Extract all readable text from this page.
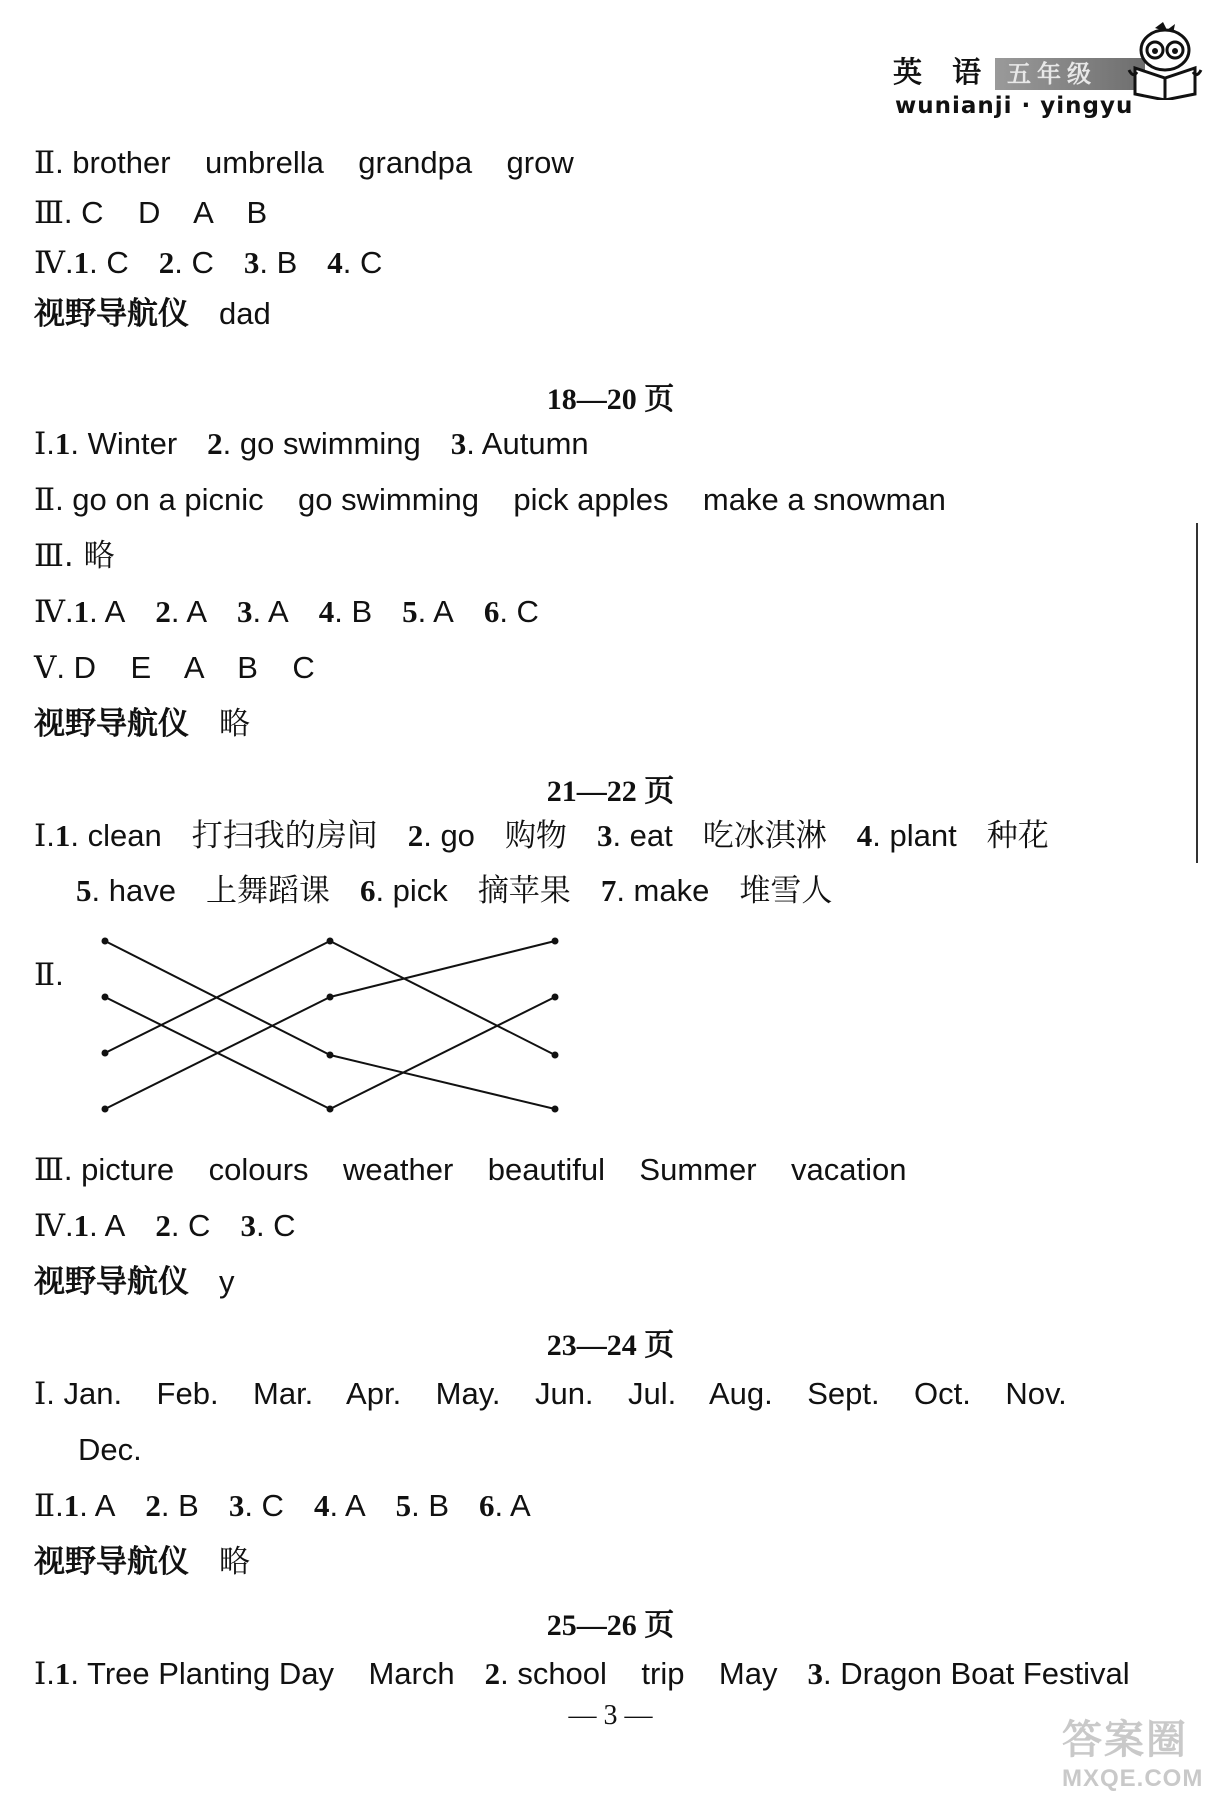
英 语 五年级
wunianji · yingyu
Ⅱ. brother    umbrella    grandpa    grow
Ⅲ. C    D    A    B
Ⅳ.1. C 2. C 3. B 4. C
视野导航仪 dad
18—20 页
Ⅰ.1. Winter 2. go swimming 3. Autumn
Ⅱ. go on a picnic    go swimming    pick apples    make a snowman
Ⅲ. 略
Ⅳ.1. A 2. A 3. A 4. B 5. A 6. C
Ⅴ. D    E    A    B    C
视野导航仪 略
21—22 页
Ⅰ.1. clean 打扫我的房间 2. go 购物 3. eat 吃冰淇淋 4. plant 种花
5. have 上舞蹈课 6. pick 摘苹果 7. make 堆雪人
Ⅱ.
Ⅲ. picture    colours    weather    beautiful    Summer    vacation
Ⅳ.1. A 2. C 3. C
视野导航仪 y
23—24 页
Ⅰ. Jan.    Feb.    Mar.    Apr.    May.    Jun.    Jul.    Aug.    Sept.    Oct.    Nov.
Dec.
Ⅱ.1. A 2. B 3. C 4. A 5. B 6. A
视野导航仪 略
25—26 页
Ⅰ.1. Tree Planting Day    March 2. school    trip    May 3. Dragon Boat Festival
— 3 —
答案圈
MXQE.COM
